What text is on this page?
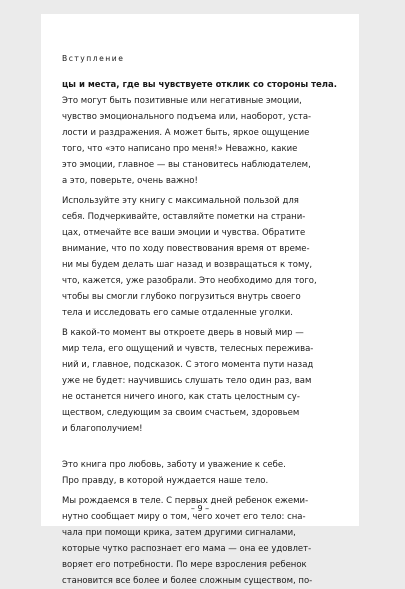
Вступление
цы и места, где вы чувствуете отклик со стороны тела.
Это могут быть позитивные или негативные эмоции,
чувство эмоционального подъема или, наоборот, уста-
лости и раздражения. А может быть, яркое ощущение
того, что «это написано про меня!» Неважно, какие
это эмоции, главное — вы становитесь наблюдателем,
а это, поверьте, очень важно!
Используйте эту книгу с максимальной пользой для
себя. Подчеркивайте, оставляйте пометки на страни-
цах, отмечайте все ваши эмоции и чувства. Обратите
внимание, что по ходу повествования время от време-
ни мы будем делать шаг назад и возвращаться к тому,
что, кажется, уже разобрали. Это необходимо для того,
чтобы вы смогли глубоко погрузиться внутрь своего
тела и исследовать его самые отдаленные уголки.
В какой-то момент вы откроете дверь в новый мир —
мир тела, его ощущений и чувств, телесных пережива-
ний и, главное, подсказок. С этого момента пути назад
уже не будет: научившись слушать тело один раз, вам
не останется ничего иного, как стать целостным су-
ществом, следующим за своим счастьем, здоровьем
и благополучием!
Это книга про любовь, заботу и уважение к себе.
Про правду, в которой нуждается наше тело.
Мы рождаемся в теле. С первых дней ребенок ежеми-
нутно сообщает миру о том, чего хочет его тело: сна-
чала при помощи крика, затем другими сигналами,
которые чутко распознает его мама — она ее удовлет-
воряет его потребности. По мере взросления ребенок
становится все более и более сложным существом, по-
– 9 –
